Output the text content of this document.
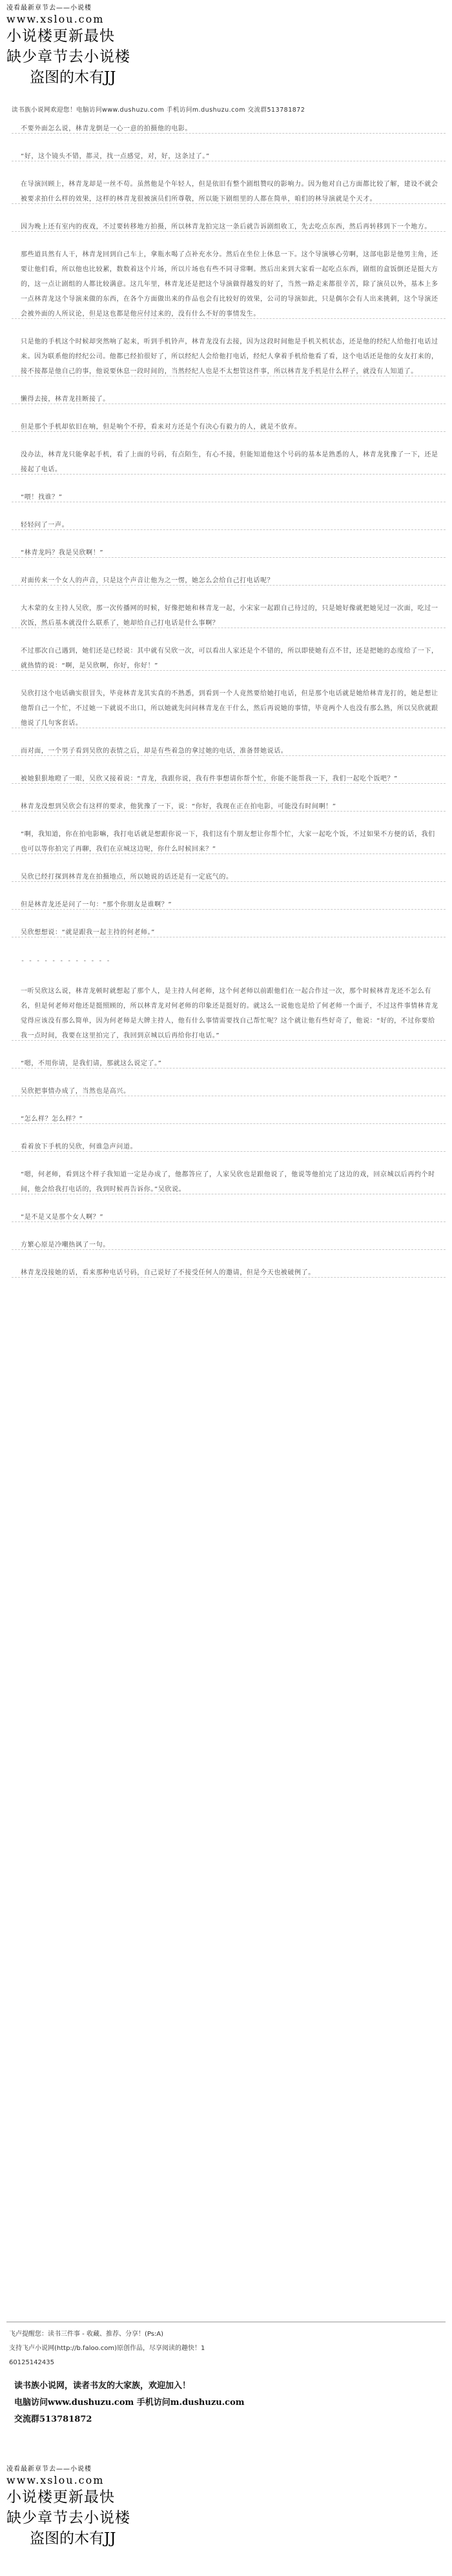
凌看最新章节去——小说楼
www.xslou.com
小说楼更新最快
缺少章节去小说楼
盗图的木有JJ
读书族小说网欢迎您！电脑访问www.dushuzu.com 手机访问m.dushuzu.com 交流群513781872

不要外面怎么说，林青龙倒是一心一意的拍摄他的电影。

“好，这个镜头不错，都灵，找一点感觉，对，好，这条过了。”

在导演回顾上，林青龙却是一丝不苟。虽然他是个年轻人，但是依旧有整个剧组赞叹的影响力。因为他对自己方面都比较了解，建设不就会被要求拍什么样的效果，这样的林青龙很被演员们所尊敬，所以能下剧组里的人都在简单，咱们的林导演就是个天才。

因为晚上还有室内的夜戏，不过要转移地方拍摄，所以林青龙拍完这一条后就告诉剧组收工，先去吃点东西，然后再转移到下一个地方。

那些道具然有人干，林青龙回到自己车上，拿瓶水喝了点补充水分。然后在坐位上休息一下。这个导演够心劳啊，这部电影是他男主角，还要让他们看，所以他也比较累，数数着这个片场，所以片场也有些不同寻常啊。然后出来到大家看一起吃点东西，剧组的盒饭倒还是挺大方的，这一点让剧组的人都比较满意。这几年里，林青龙还是把这个导演做得越发的好了，当然一路走来都很辛苦，除了演员以外，基本上多一点林青龙这个导演来做的东西，在各个方面做出来的作品也会有比较好的效果，公司的导演如此，只是偶尔会有人出来挑刺，这个导演还会被外面的人所议论，但是这也都是他应付过来的，没有什么不好的事情发生。

只是他的手机这个时候却突然响了起来，听到手机铃声，林青龙没有去接，因为这段时间他是手机关机状态，还是他的经纪人给他打电话过来。因为联系他的经纪公司。他都已经拍很好了，所以经纪人会给他打电话，经纪人拿着手机给他看了看，这个电话还是他的女友打来的，接不接都是他自己的事，他说要休息一段时间的，当然经纪人也是不太想管这件事，所以林青龙手机是什么样子，就没有人知道了。

懒得去接，林青龙挂断接了。

但是那个手机却依旧在响，但是响个不停，看来对方还是个有决心有毅力的人，就是不放弃。

没办法，林青龙只能拿起手机，看了上面的号码，有点陌生，有心不接，但能知道他这个号码的基本是熟悉的人，林青龙犹豫了一下，还是接起了电话。

“喂！找谁？”

轻轻问了一声。

“林青龙吗？我是吴欣啊！”

对面传来一个女人的声音，只是这个声音让他为之一愣，她怎么会给自己打电话呢？

大木蒙的女主持人吴欣，那一次传播网的时候，好像把她和林青龙一起，小宋家一起跟自己待过的，只是她好像就把她见过一次面，吃过一次饭，然后基本就没什么联系了，她却给自己打电话是什么事啊？

不过那次自己遇到，她们还是已经说：其中就有吴欣一次，可以看出人家还是个不错的，所以即使她有点不甘，还是把她的态度给了一下，就热情的说：“啊，是吴欣啊，你好，你好！”

吴欣打这个电话确实很冒失，毕竟林青龙其实真的不熟悉，到看到一个人竟然要给她打电话，但是那个电话就是她给林青龙打的，她是想让他帮自己一个忙，不过她一下就说不出口，所以她就先问问林青龙在干什么，然后再说她的事情，毕竟两个人也没有那么熟，所以吴欣就跟他说了几句客套话。

而对面，一个男子看到吴欣的表情之后，却是有些着急的拿过她的电话，准备替她说话。

被她狠狠地瞪了一眼，吴欣又接着说：“青龙，我跟你说，我有件事想请你帮个忙，你能不能帮我一下，我们一起吃个饭吧？”

林青龙没想到吴欣会有这样的要求，他犹豫了一下，说：“你好，我现在正在拍电影，可能没有时间啊！”

“啊，我知道，你在拍电影嘛，我打电话就是想跟你说一下，我们这有个朋友想让你帮个忙，大家一起吃个饭，不过如果不方便的话，我们也可以等你拍完了再聊，我们在京城这边呢，你什么时候回来？”

吴欣已经打探到林青龙在拍摄地点，所以她说的话还是有一定底气的。

但是林青龙还是问了一句：“那个你朋友是谁啊？”

吴欣想想说：“就是跟我一起主持的何老师。”

- - - - - - - - - - - -

一听吴欣这么说，林青龙顿时就想起了那个人，是主持人何老师，这个何老师以前跟他们在一起合作过一次，那个时候林青龙还不怎么有名，但是何老师对他还是挺照顾的，所以林青龙对何老师的印象还是挺好的。就这么一说他也是给了何老师一个面子，不过这件事情林青龙觉得应该没有那么简单，因为何老师是大牌主持人，他有什么事情需要找自己帮忙呢？这个就让他有些好奇了，他说：“好的，不过你要给我一点时间，我要在这里拍完了，我回到京城以后再给你打电话。”

“嗯，不用你请，是我们请，那就这么说定了。”

吴欣把事情办成了，当然也是高兴。

“怎么样？怎么样？”

看着放下手机的吴欣，何谁急声问道。

“嗯，何老师，看到这个样子我知道一定是办成了，他都答应了，人家吴欣也是跟他说了，他说等他拍完了这边的戏，回京城以后再约个时间，他会给我打电话的，我到时候再告诉你。”吴欣说。

“是不是又是那个女人啊？”

方繁心原是冷嘲热讽了一句。

林青龙没接她的话，看来那种电话号码，自己说好了不接受任何人的邀请，但是今天也被破例了。

飞卢提醒您：读书三件事 - 收藏、推荐、分享！(Ps:A)
支持飞卢小说网(http://b.faloo.com)原创作品，尽享阅读的趣快！1
60125142435
读书族小说网，读者书友的大家族，欢迎加入！
电脑访问www.dushuzu.com 手机访问m.dushuzu.com
交流群513781872
凌看最新章节去——小说楼
www.xslou.com
小说楼更新最快
缺少章节去小说楼
盗图的木有JJ
